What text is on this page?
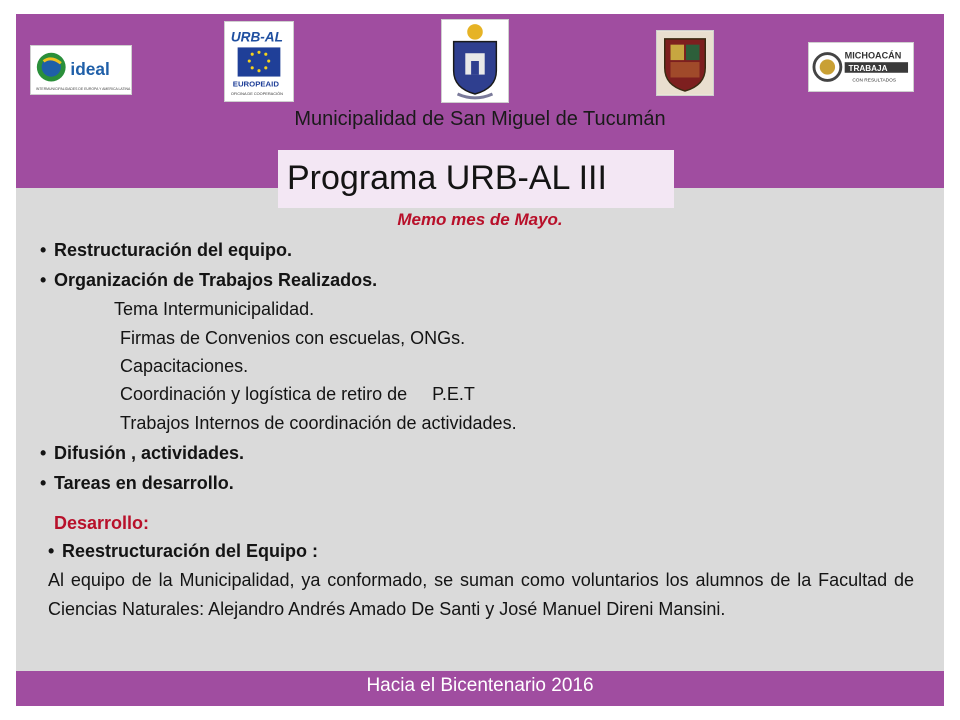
ideal
INTERMUNICIPALIDADES DE EUROPA Y AMERICA LATINA
URB-AL
EUROPEAID
OFICINA DE COOPERACIÓN
MICHOACÁN
TRABAJA
CON RESULTADOS
Municipalidad de San Miguel de Tucumán
Programa URB-AL III
Memo mes de Mayo.
• Restructuración del equipo.
• Organización de Trabajos Realizados.
Tema Intermunicipalidad.
Firmas de Convenios con escuelas, ONGs.
Capacitaciones.
Coordinación y logística de retiro de     P.E.T
Trabajos Internos de coordinación de actividades.
• Difusión , actividades.
• Tareas en desarrollo.
Desarrollo:
• Reestructuración del Equipo :
Al equipo de la Municipalidad, ya conformado, se suman como voluntarios los alumnos de la Facultad de Ciencias Naturales: Alejandro Andrés Amado De Santi y José Manuel Direni Mansini.
Hacia el Bicentenario 2016
